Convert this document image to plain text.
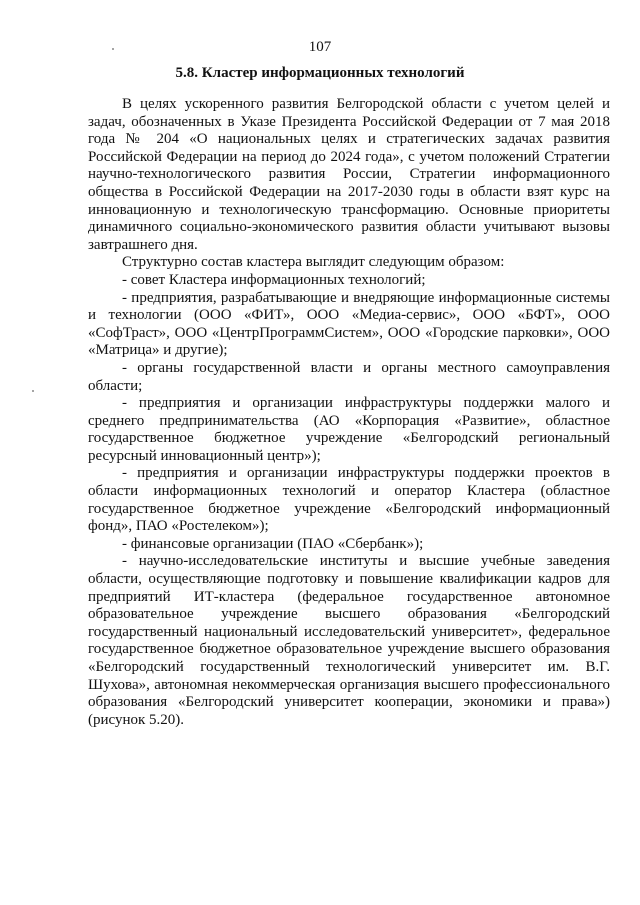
107
5.8. Кластер информационных технологий

В целях ускоренного развития Белгородской области с учетом целей и задач, обозначенных в Указе Президента Российской Федерации от 7 мая 2018 года № 204 «О национальных целях и стратегических задачах развития Российской Федерации на период до 2024 года», с учетом положений Стратегии научно-технологического развития России, Стратегии информационного общества в Российской Федерации на 2017-2030 годы в области взят курс на инновационную и технологическую трансформацию. Основные приоритеты динамичного социально-экономического развития области учитывают вызовы завтрашнего дня.

Структурно состав кластера выглядит следующим образом:

- совет Кластера информационных технологий;

- предприятия, разрабатывающие и внедряющие информационные системы и технологии (ООО «ФИТ», ООО «Медиа-сервис», ООО «БФТ», ООО «СофТраст», ООО «ЦентрПрограммСистем», ООО «Городские парковки», ООО «Матрица» и другие);

- органы государственной власти и органы местного самоуправления области;

- предприятия и организации инфраструктуры поддержки малого и среднего предпринимательства (АО «Корпорация «Развитие», областное государственное бюджетное учреждение «Белгородский региональный ресурсный инновационный центр»);

- предприятия и организации инфраструктуры поддержки проектов в области информационных технологий и оператор Кластера (областное государственное бюджетное учреждение «Белгородский информационный фонд», ПАО «Ростелеком»);

- финансовые организации (ПАО «Сбербанк»);

- научно-исследовательские институты и высшие учебные заведения области, осуществляющие подготовку и повышение квалификации кадров для предприятий ИТ-кластера (федеральное государственное автономное образовательное учреждение высшего образования «Белгородский государственный национальный исследовательский университет», федеральное государственное бюджетное образовательное учреждение высшего образования «Белгородский государственный технологический университет им. В.Г. Шухова», автономная некоммерческая организация высшего профессионального образования «Белгородский университет кооперации, экономики и права») (рисунок 5.20).
